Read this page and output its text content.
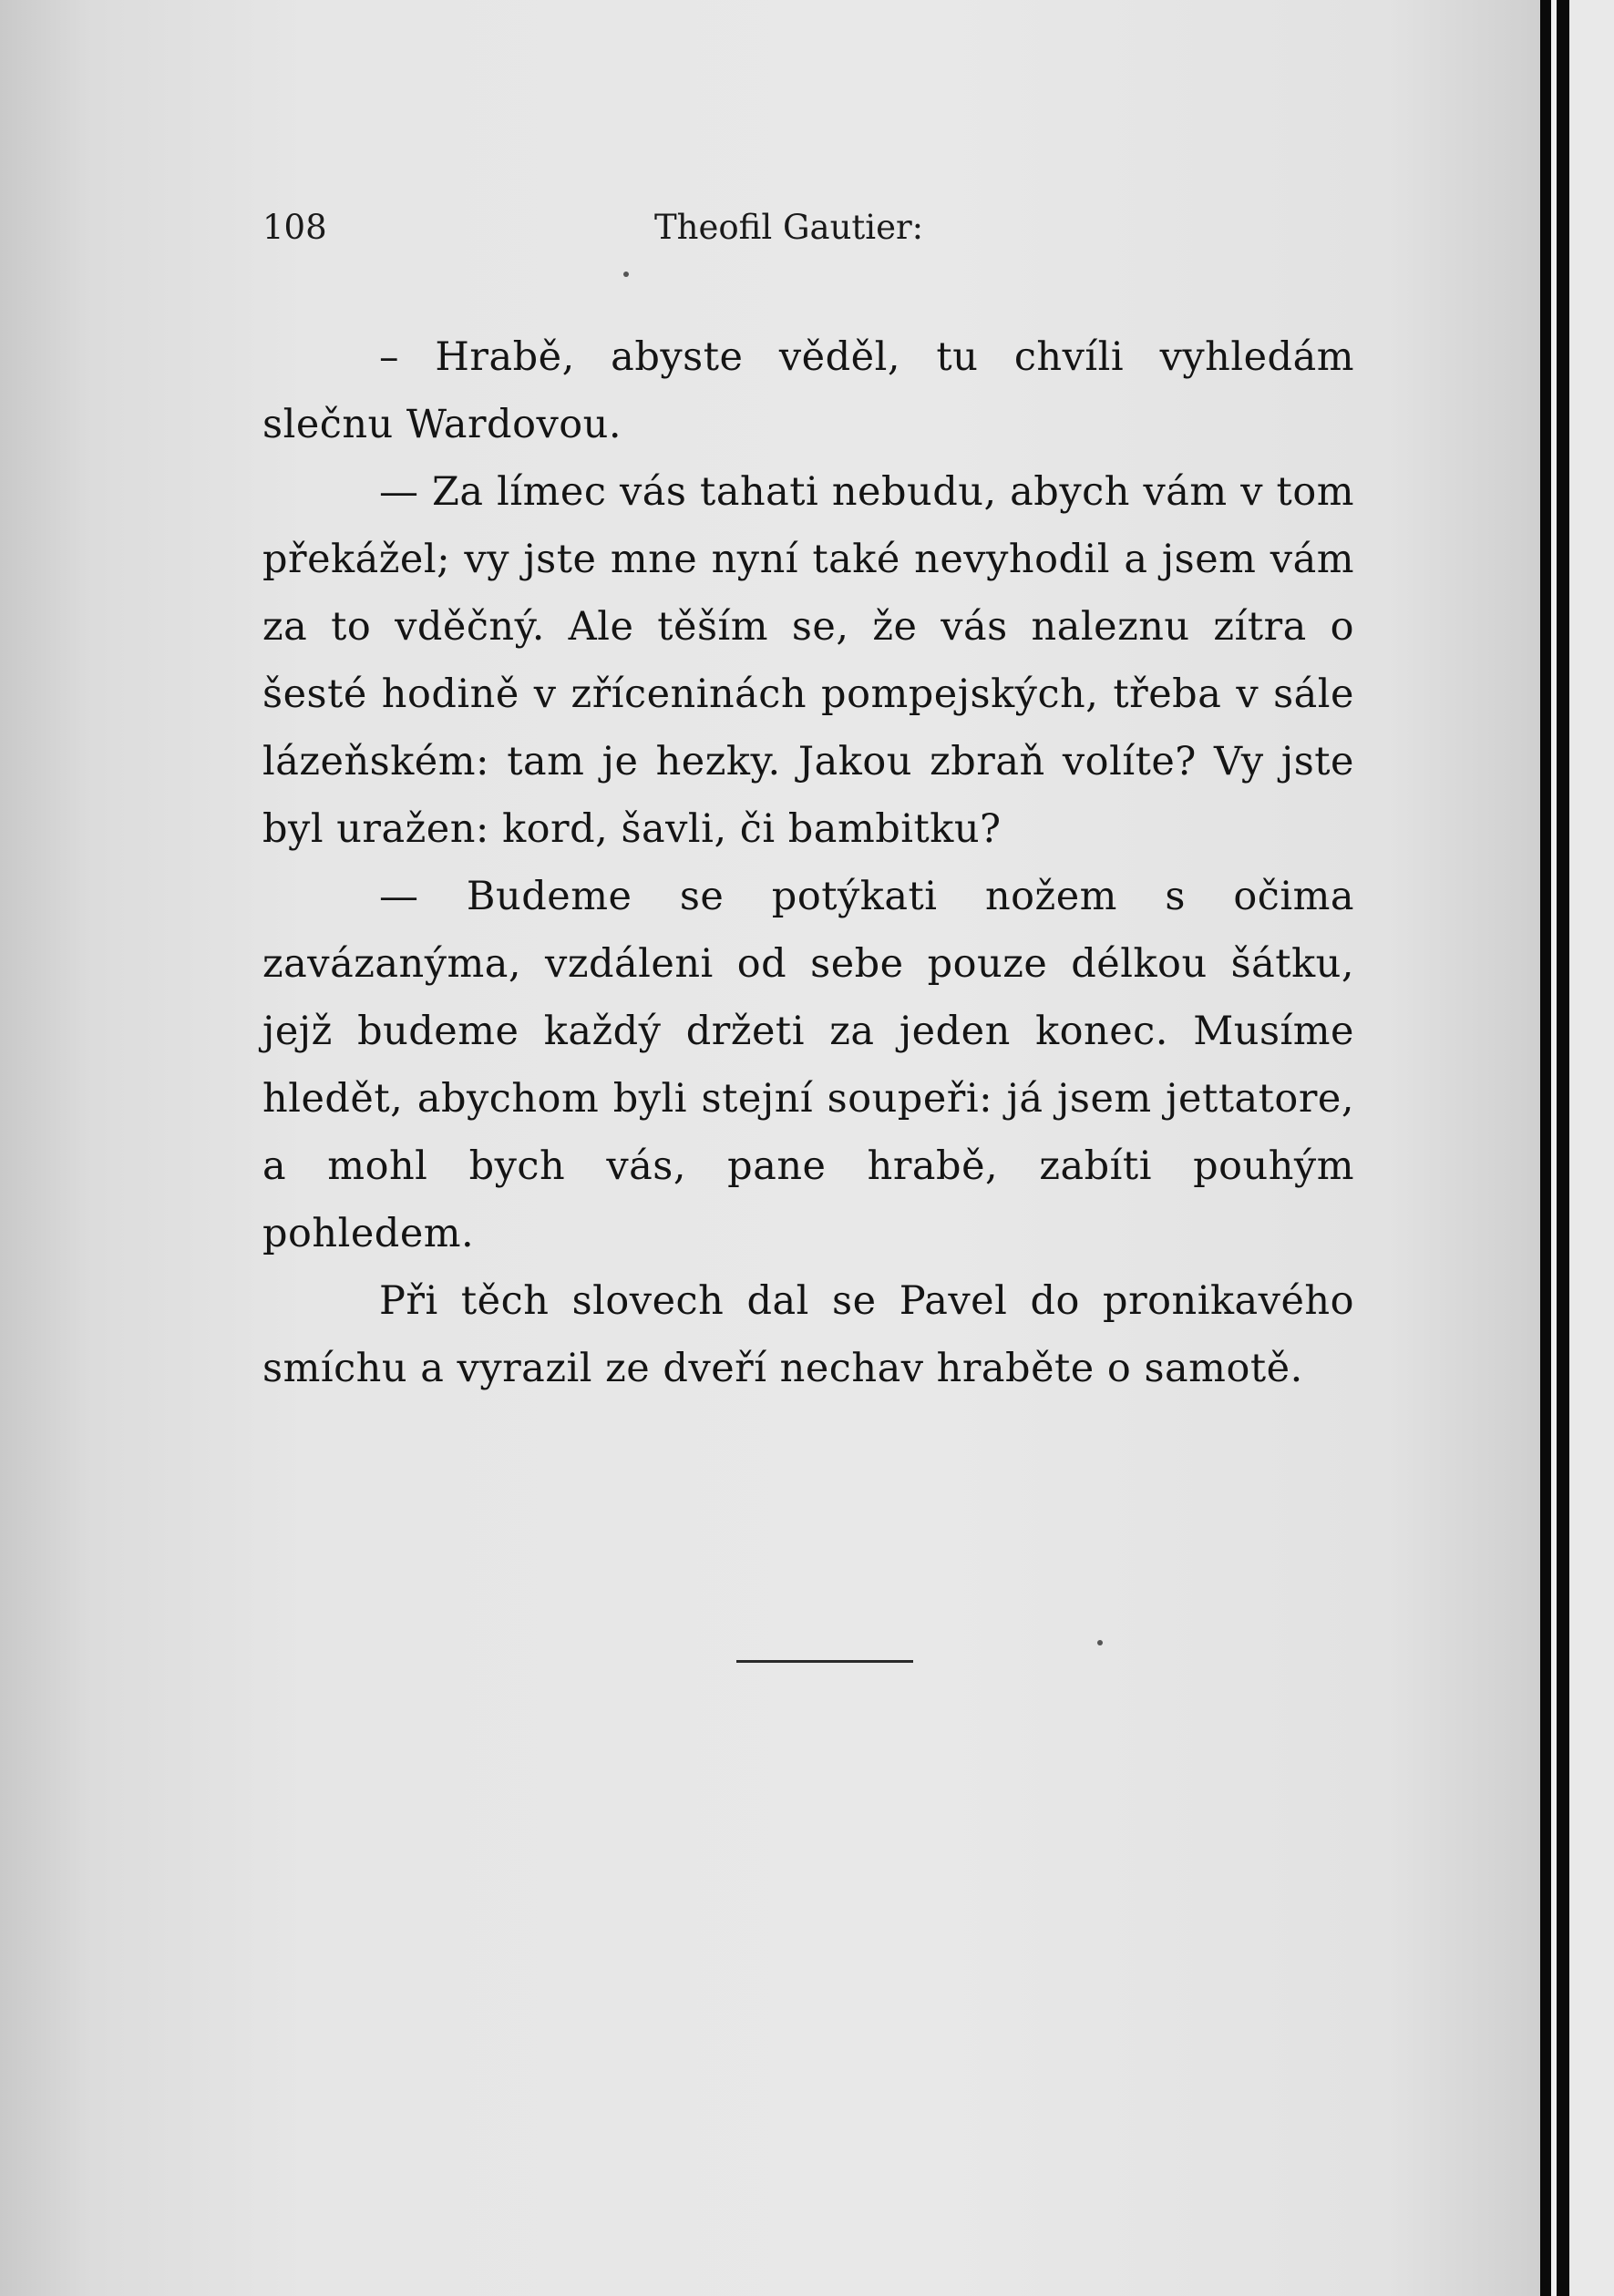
108	Theofil Gautier:

– Hrabě, abyste věděl, tu chvíli vyhledám slečnu Wardovou.

— Za límec vás tahati nebudu, abych vám v tom překážel; vy jste mne nyní také nevyhodil a jsem vám za to vděčný. Ale těším se, že vás naleznu zítra o šesté hodině v zříceninách pompejských, třeba v sále lázeňském: tam je hezky. Jakou zbraň volíte? Vy jste byl uražen: kord, šavli, či bambitku?

— Budeme se potýkati nožem s očima zavázanýma, vzdáleni od sebe pouze délkou šátku, jejž budeme každý držeti za jeden konec. Musíme hledět, abychom byli stejní soupeři: já jsem jettatore, a mohl bych vás, pane hrabě, zabíti pouhým pohledem.

Při těch slovech dal se Pavel do pronikavého smíchu a vyrazil ze dveří nechav hraběte o samotě.
